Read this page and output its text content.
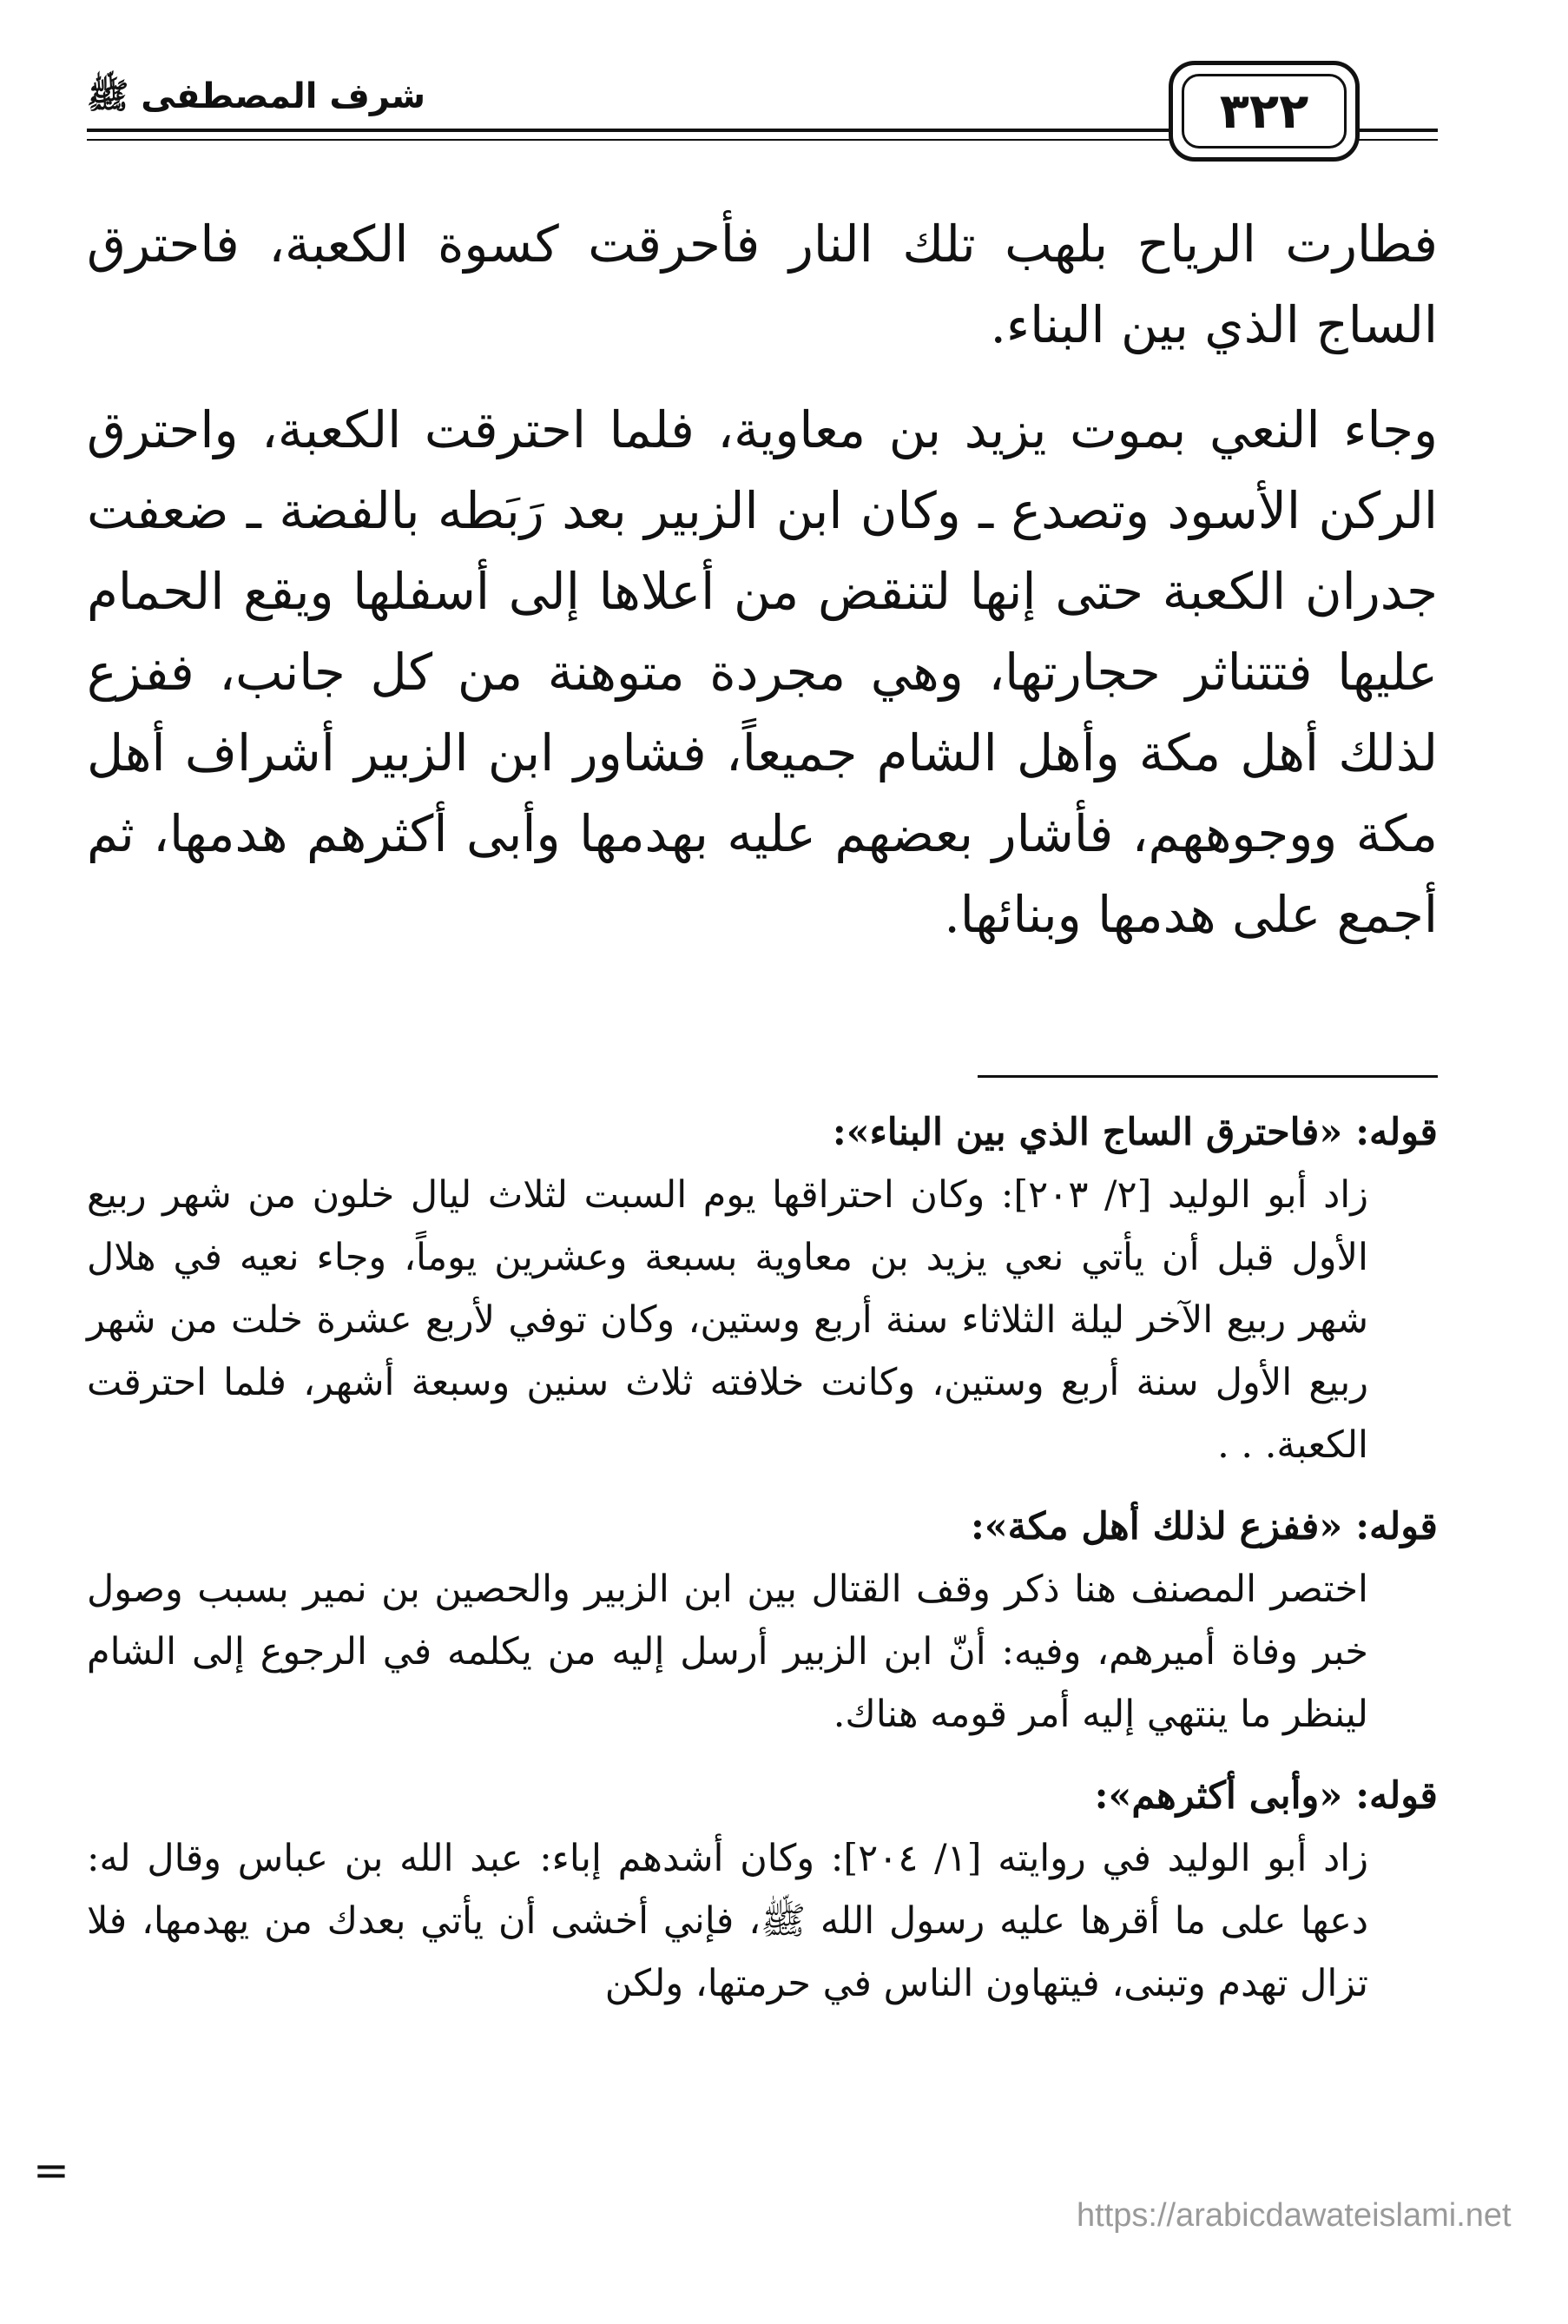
شرف المصطفى ﷺ	٣٢٢

فطارت الرياح بلهب تلك النار فأحرقت كسوة الكعبة، فاحترق الساج الذي بين البناء.

وجاء النعي بموت يزيد بن معاوية، فلما احترقت الكعبة، واحترق الركن الأسود وتصدع ـ وكان ابن الزبير بعد رَبَطه بالفضة ـ ضعفت جدران الكعبة حتى إنها لتنقض من أعلاها إلى أسفلها ويقع الحمام عليها فتتناثر حجارتها، وهي مجردة متوهنة من كل جانب، ففزع لذلك أهل مكة وأهل الشام جميعاً، فشاور ابن الزبير أشراف أهل مكة ووجوههم، فأشار بعضهم عليه بهدمها وأبى أكثرهم هدمها، ثم أجمع على هدمها وبنائها.

قوله: «فاحترق الساج الذي بين البناء»:

زاد أبو الوليد [٢/ ٢٠٣]: وكان احتراقها يوم السبت لثلاث ليال خلون من شهر ربيع الأول قبل أن يأتي نعي يزيد بن معاوية بسبعة وعشرين يوماً، وجاء نعيه في هلال شهر ربيع الآخر ليلة الثلاثاء سنة أربع وستين، وكان توفي لأربع عشرة خلت من شهر ربيع الأول سنة أربع وستين، وكانت خلافته ثلاث سنين وسبعة أشهر، فلما احترقت الكعبة. . .

قوله: «ففزع لذلك أهل مكة»:

اختصر المصنف هنا ذكر وقف القتال بين ابن الزبير والحصين بن نمير بسبب وصول خبر وفاة أميرهم، وفيه: أنّ ابن الزبير أرسل إليه من يكلمه في الرجوع إلى الشام لينظر ما ينتهي إليه أمر قومه هناك.

قوله: «وأبى أكثرهم»:

زاد أبو الوليد في روايته [١/ ٢٠٤]: وكان أشدهم إباء: عبد الله بن عباس وقال له: دعها على ما أقرها عليه رسول الله ﷺ، فإني أخشى أن يأتي بعدك من يهدمها، فلا تزال تهدم وتبنى، فيتهاون الناس في حرمتها، ولكن

=
https://arabicdawateislami.net
